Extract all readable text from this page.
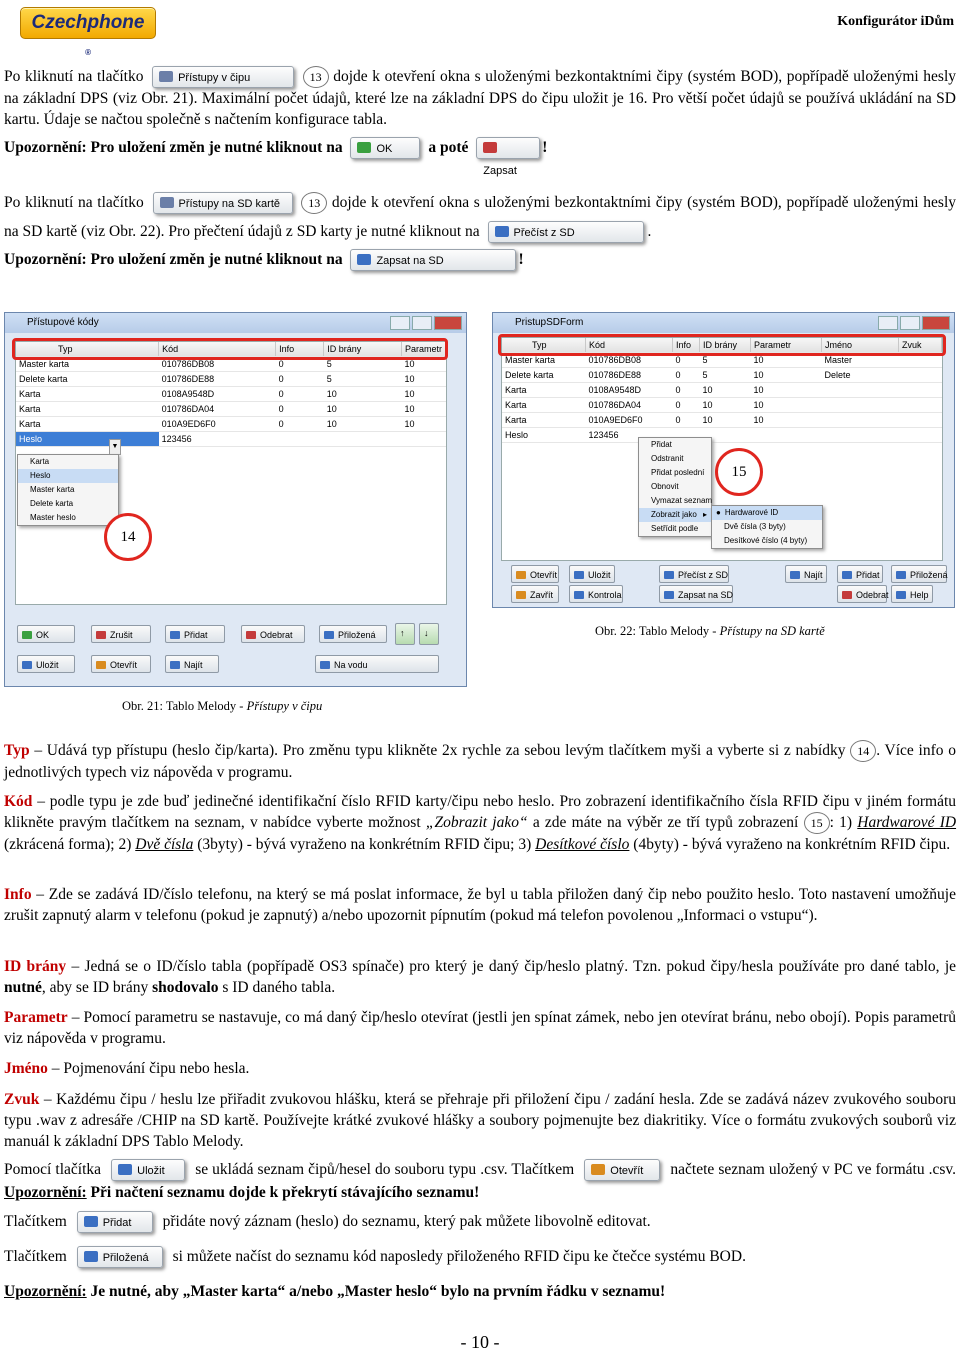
Czechphone
®
Konfigurátor iDům
Po kliknutí na tlačítko	Přístupy v čipu	13 dojde k otevření okna s uloženými bezkontaktními čipy (systém BOD), popřípadě uloženými hesly na základní DPS (viz Obr. 21). Maximální počet údajů, které lze na základní DPS do čipu uložit je 16. Pro větší počet údajů se používá ukládání na SD kartu. Údaje se načtou společně s načtením konfigurace tabla.
Upozornění: Pro uložení změn je nutné kliknout na	OK a poté Zapsat!
Po kliknutí na tlačítko	Přístupy na SD kartě 13 dojde k otevření okna s uloženými bezkontaktními čipy (systém BOD), popřípadě uloženými hesly na SD kartě (viz Obr. 22). Pro přečtení údajů z SD karty je nutné kliknout na	Přečíst z SD	.
Upozornění: Pro uložení změn je nutné kliknout na	Zapsat na SD	!
Přístupové kódy
Typ	Kód	Info	ID brány	Parametr
Master karta	010786DB08	0	5	10
Delete karta	010786DE88	0	5	10
Karta	0108A9548D	0	10	10
Karta	010786DA04	0	10	10
Karta	010A9ED6F0	0	10	10
Heslo	123456			
▼
Karta
Heslo
Master karta
Delete karta
Master heslo
14
OK	Zrušit	Přidat	Odebrat	Přiložená	↑	↓
Uložit	Otevřít	Najít	Na vodu
PristupSDForm
Typ	Kód	Info	ID brány	Parametr	Jméno	Zvuk
Master karta	010786DB08	0	5	10	Master	
Delete karta	010786DE88	0	5	10	Delete	
Karta	0108A9548D	0	10	10		
Karta	010786DA04	0	10	10		
Karta	010A9ED6F0	0	10	10		
Heslo	123456					
Přidat
Odstranit
Přidat poslední
Obnovit
Vymazat seznam
Zobrazit jako ▸
Setřídit podle
● Hardwarové ID
Dvě čísla (3 byty)
Desítkové číslo (4 byty)
15
Otevřít	Uložit	Přečíst z SD	Najít	Přidat	Přiložená
Zavřít	Kontrola	Zapsat na SD	Odebrat	Help
Obr. 22: Tablo Melody - Přístupy na SD kartě
Obr. 21: Tablo Melody - Přístupy v čipu
Typ – Udává typ přístupu (heslo čip/karta). Pro změnu typu klikněte 2x rychle za sebou levým tlačítkem myši a vyberte si z nabídky 14 . Více info o jednotlivých typech viz nápověda v programu.
Kód – podle typu je zde buď jedinečné identifikační číslo RFID karty/čipu nebo heslo. Pro zobrazení identifikačního čísla RFID čipu v jiném formátu klikněte pravým tlačítkem na seznam, v nabídce vyberte možnost „Zobrazit jako“ a zde máte na výběr ze tří typů zobrazení 15 : 1) Hardwarové ID (zkrácená forma); 2) Dvě čísla (3byty) - bývá vyraženo na konkrétním RFID čipu; 3) Desítkové číslo (4byty) - bývá vyraženo na konkrétním RFID čipu.
Info – Zde se zadává ID/číslo telefonu, na který se má poslat informace, že byl u tabla přiložen daný čip nebo použito heslo. Toto nastavení umožňuje zrušit zapnutý alarm v telefonu (pokud je zapnutý) a/nebo upozornit pípnutím (pokud má telefon povolenou „Informaci o vstupu“).
ID brány – Jedná se o ID/číslo tabla (popřípadě OS3 spínače) pro který je daný čip/heslo platný. Tzn. pokud čipy/hesla používáte pro dané tablo, je nutné, aby se ID brány shodovalo s ID daného tabla.
Parametr – Pomocí parametru se nastavuje, co má daný čip/heslo otevírat (jestli jen spínat zámek, nebo jen otevírat bránu, nebo obojí). Popis parametrů viz nápověda v programu.
Jméno – Pojmenování čipu nebo hesla.
Zvuk – Každému čipu / heslu lze přiřadit zvukovou hlášku, která se přehraje při přiložení čipu / zadání hesla. Zde se zadává název zvukového souboru typu .wav z adresáře /CHIP na SD kartě. Používejte krátké zvukové hlášky a soubory pojmenujte bez diakritiky. Více o formátu zvukových souborů viz manuál k základní DPS Tablo Melody.
Pomocí tlačítka	Uložit se ukládá seznam čipů/hesel do souboru typu .csv. Tlačítkem	Otevřít načtete seznam uložený v PC ve formátu .csv. Upozornění: Při načtení seznamu dojde k překrytí stávajícího seznamu!
Tlačítkem	Přidat přidáte nový záznam (heslo) do seznamu, který pak můžete libovolně editovat.
Tlačítkem	Přiložená si můžete načíst do seznamu kód naposledy přiloženého RFID čipu ke čtečce systému BOD.
Upozornění: Je nutné, aby „Master karta“ a/nebo „Master heslo“ bylo na prvním řádku v seznamu!
- 10 -
